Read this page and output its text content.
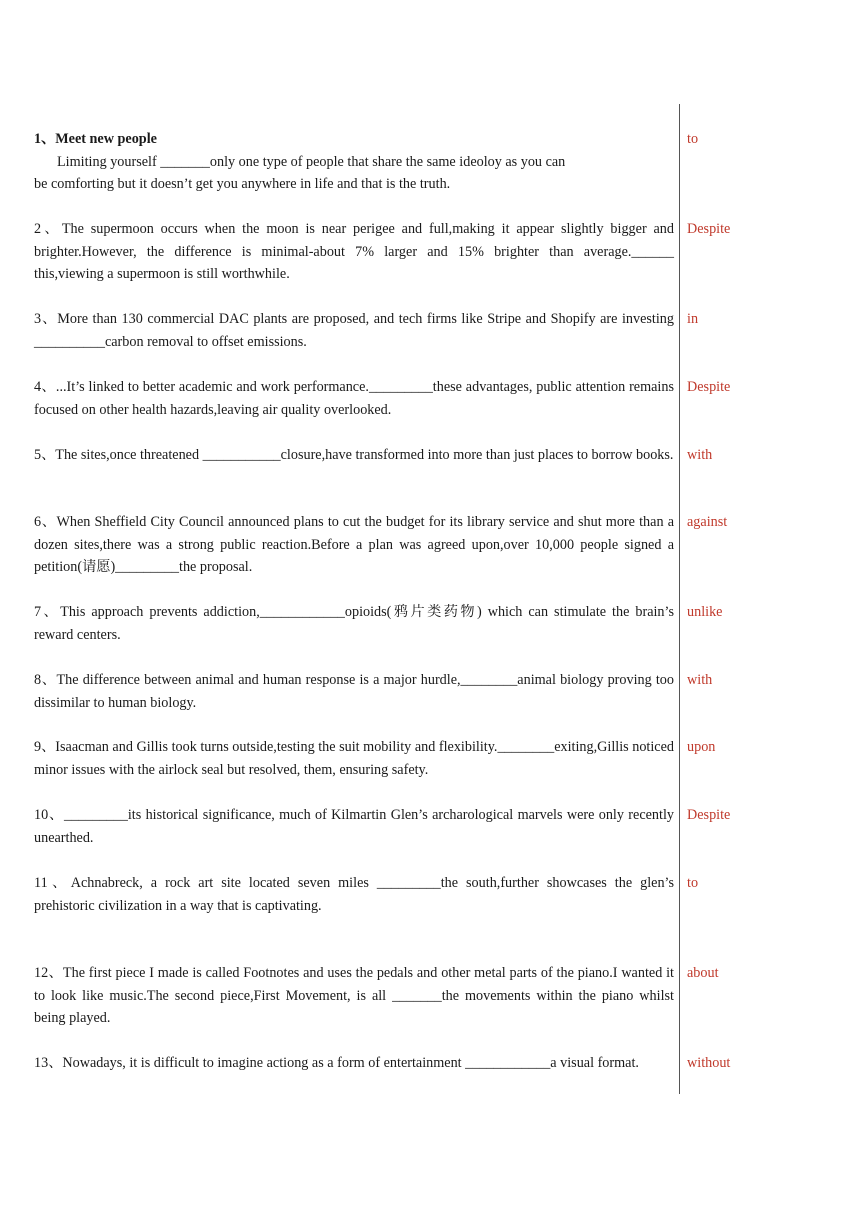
1、Meet new people
Limiting yourself _______only one type of people that share the same ideoloy as you can
be comforting but it doesn’t get you anywhere in life and that is the truth.
to
2、The supermoon occurs when the moon is near perigee and full,making it appear slightly bigger and brighter.However, the difference is minimal-about 7% larger and 15% brighter than average.______ this,viewing a supermoon is still worthwhile.
Despite
3、More than 130 commercial DAC plants are proposed, and tech firms like Stripe and Shopify are investing __________carbon removal to offset emissions.
in
4、...It’s linked to better academic and work performance._________these advantages, public attention remains focused on other health hazards,leaving air quality overlooked.
Despite
5、The sites,once threatened ___________closure,have transformed into more than just places to borrow books. with
6、When Sheffield City Council announced plans to cut the budget for its library service and shut more than a dozen sites,there was a strong public reaction.Before a plan was agreed upon,over 10,000 people signed a petition(请愿)_________the proposal.
against
7、This approach prevents addiction,____________opioids(鸦片类药物) which can stimulate the brain’s reward centers.
unlike
8、The difference between animal and human response is a major hurdle,________animal biology proving too dissimilar to human biology.
with
9、Isaacman and Gillis took turns outside,testing the suit mobility and flexibility.________exiting,Gillis noticed minor issues with the airlock seal but resolved, them, ensuring safety.
upon
10、_________its historical significance, much of Kilmartin Glen’s archarological marvels were only recently unearthed.
Despite
11、Achnabreck, a rock art site located seven miles _________the south,further showcases the glen’s prehistoric civilization in a way that is captivating.
to
12、The first piece I made is called Footnotes and uses the pedals and other metal parts of the piano.I wanted it to look like music.The second piece,First Movement, is all _______the movements within the piano whilst being played.
about
13、Nowadays, it is difficult to imagine actiong as a form of entertainment ____________a visual format.	without
